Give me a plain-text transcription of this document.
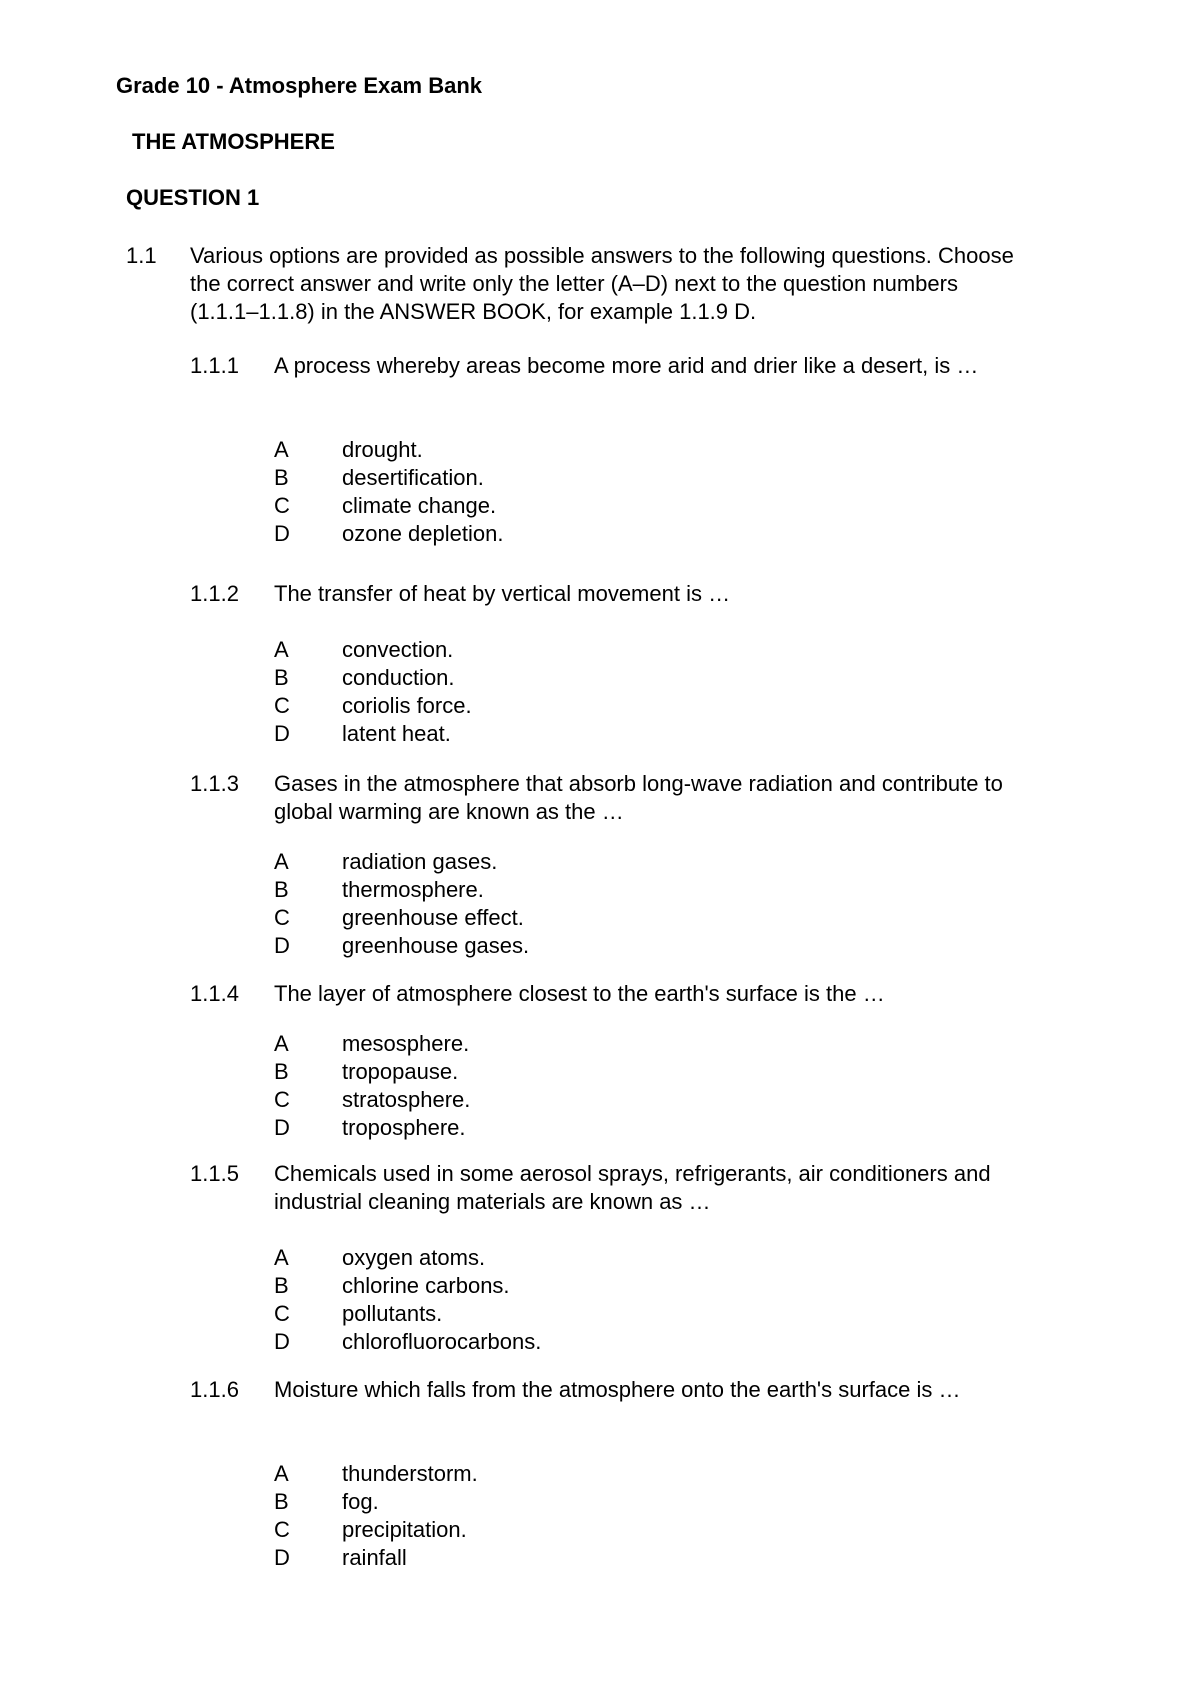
Grade 10 - Atmosphere Exam Bank
THE ATMOSPHERE
QUESTION 1
1.1 Various options are provided as possible answers to the following questions. Choose the correct answer and write only the letter (A–D) next to the question numbers (1.1.1–1.1.8) in the ANSWER BOOK, for example 1.1.9 D.
1.1.1 A process whereby areas become more arid and drier like a desert, is …
A drought.
B desertification.
C climate change.
D ozone depletion.
1.1.2 The transfer of heat by vertical movement is …
A convection.
B conduction.
C coriolis force.
D latent heat.
1.1.3 Gases in the atmosphere that absorb long-wave radiation and contribute to global warming are known as the …
A radiation gases.
B thermosphere.
C greenhouse effect.
D greenhouse gases.
1.1.4 The layer of atmosphere closest to the earth's surface is the …
A mesosphere.
B tropopause.
C stratosphere.
D troposphere.
1.1.5 Chemicals used in some aerosol sprays, refrigerants, air conditioners and industrial cleaning materials are known as …
A oxygen atoms.
B chlorine carbons.
C pollutants.
D chlorofluorocarbons.
1.1.6 Moisture which falls from the atmosphere onto the earth's surface is …
A thunderstorm.
B fog.
C precipitation.
D rainfall
